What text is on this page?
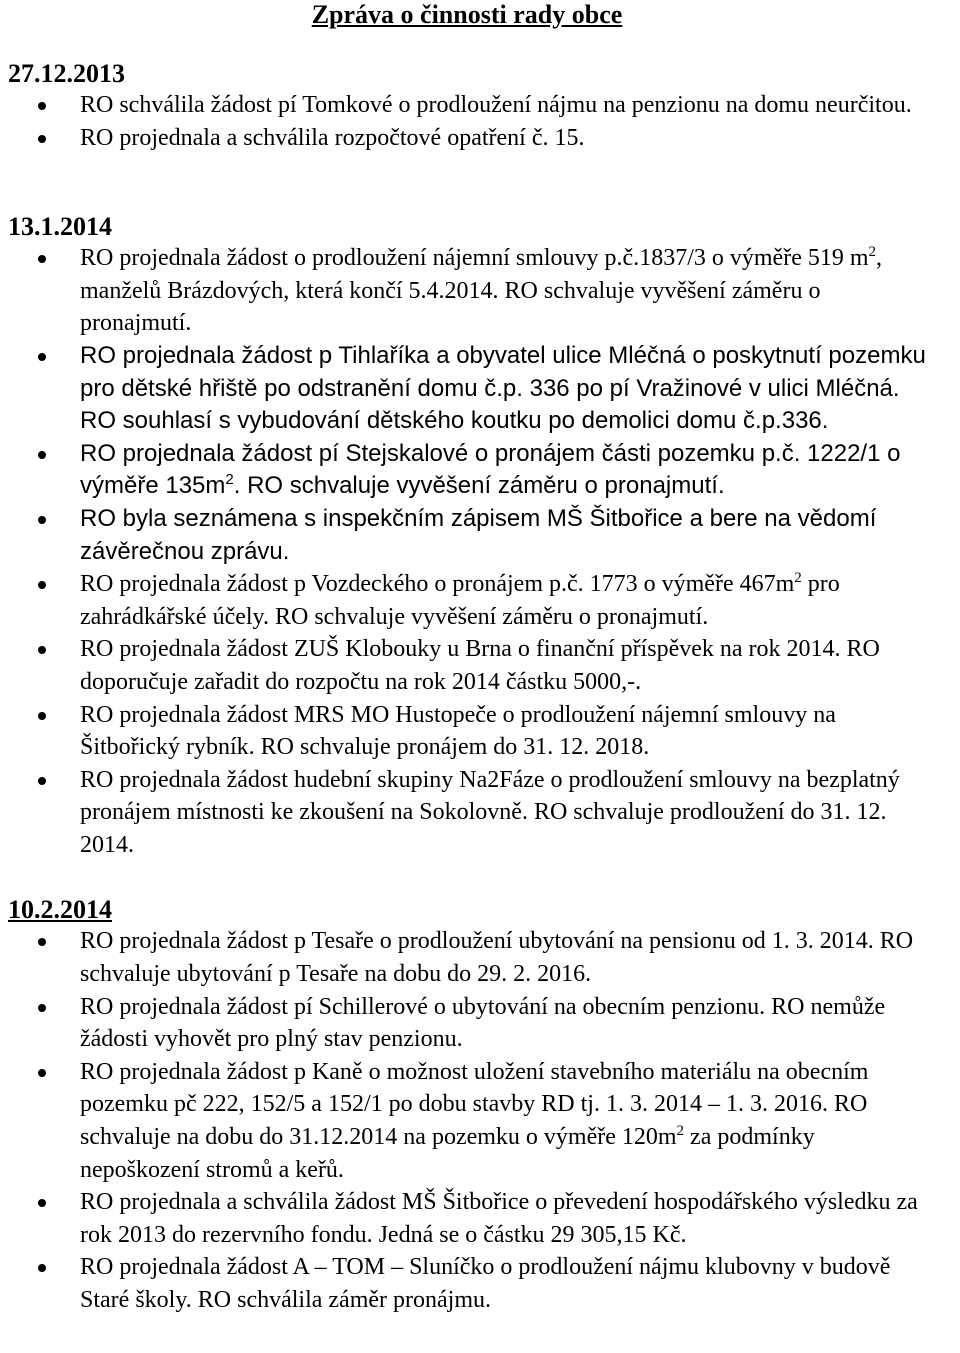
Zpráva o činnosti rady obce
27.12.2013
RO schválila žádost pí Tomkové o prodloužení nájmu na penzionu na domu neurčitou.
RO projednala a schválila rozpočtové opatření č. 15.
13.1.2014
RO projednala žádost o prodloužení nájemní smlouvy p.č.1837/3 o výměře 519 $m^2$, manželů Brázdových, která končí 5.4.2014. RO schvaluje vyvěšení záměru o pronajmutí.
RO projednala žádost p Tihlaříka a obyvatel ulice Mléčná o poskytnutí pozemku pro dětské hřiště po odstranění domu č.p. 336 po pí Vražinové v ulici Mléčná. RO souhlasí s vybudování dětského koutku po demolici domu č.p.336.
RO projednala žádost pí Stejskalové o pronájem části pozemku p.č. 1222/1 o výměře $135m^2$. RO schvaluje vyvěšení záměru o pronajmutí.
RO byla seznámena s inspekčním zápisem MŠ Šitbořice a bere na vědomí závěrečnou zprávu.
RO projednala žádost p Vozdeckého o pronájem p.č. 1773 o výměře $467m^2$ pro zahrádkářské účely. RO schvaluje vyvěšení záměru o pronajmutí.
RO projednala žádost ZUŠ Klobouky u Brna o finanční příspěvek na rok 2014. RO doporučuje zařadit do rozpočtu na rok 2014 částku 5000,-.
RO projednala žádost MRS MO Hustopeče o prodloužení nájemní smlouvy na Šitbořický rybník. RO schvaluje pronájem do 31. 12. 2018.
RO projednala žádost hudební skupiny Na2Fáze o prodloužení smlouvy na bezplatný pronájem místnosti ke zkoušení na Sokolovně. RO schvaluje prodloužení do 31. 12. 2014.
10.2.2014
RO projednala žádost p Tesaře o prodloužení ubytování na pensionu od 1. 3. 2014. RO schvaluje ubytování p Tesaře na dobu do 29. 2. 2016.
RO projednala žádost pí Schillerové o ubytování na obecním penzionu. RO nemůže žádosti vyhovět pro plný stav penzionu.
RO projednala žádost p Kaně o možnost uložení stavebního materiálu na obecním pozemku pč 222, 152/5 a 152/1 po dobu stavby RD tj. 1. 3. 2014 – 1. 3. 2016. RO schvaluje na dobu do 31.12.2014 na pozemku o výměře $120m^2$ za podmínky nepoškození stromů a keřů.
RO projednala a schválila žádost MŠ Šitbořice o převedení hospodářského výsledku za rok 2013 do rezervního fondu. Jedná se o částku 29 305,15 Kč.
RO projednala žádost A – TOM – Sluníčko o prodloužení nájmu klubovny v budově Staré školy. RO schválila záměr pronájmu.
